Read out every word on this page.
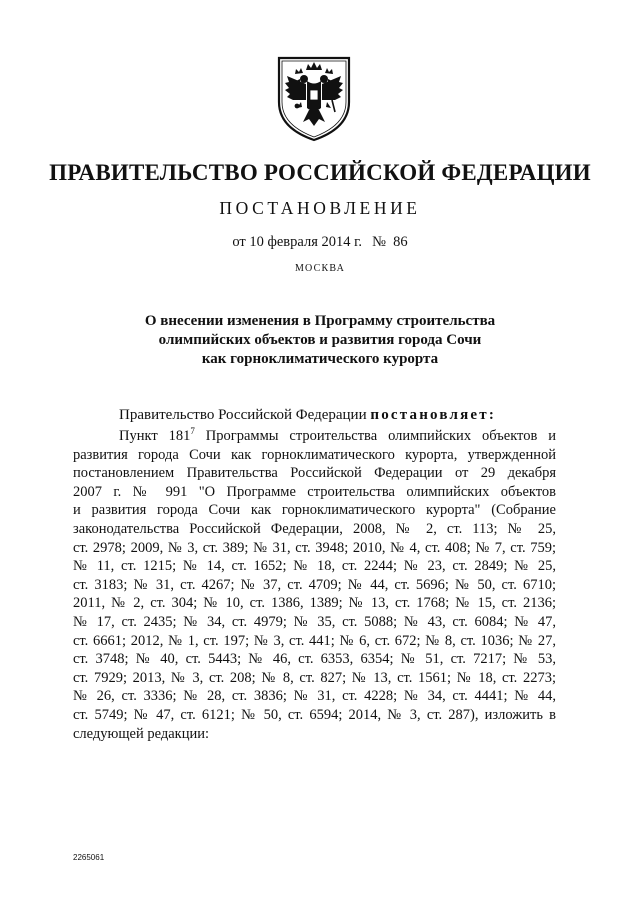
ПРАВИТЕЛЬСТВО РОССИЙСКОЙ ФЕДЕРАЦИИ
ПОСТАНОВЛЕНИЕ
от 10 февраля 2014 г. № 86
МОСКВА
О внесении изменения в Программу строительства
олимпийских объектов и развития города Сочи
как горноклиматического курорта
Правительство Российской Федерации постановляет:
Пункт $181^7$ Программы строительства олимпийских объектов и
развития города Сочи как горноклиматического курорта, утвержденной
постановлением Правительства Российской Федерации от 29 декабря
2007 г. № 991 "О Программе строительства олимпийских объектов
и развития города Сочи как горноклиматического курорта" (Собрание
законодательства Российской Федерации, 2008, № 2, ст. 113; № 25,
ст. 2978; 2009, № 3, ст. 389; № 31, ст. 3948; 2010, № 4, ст. 408; № 7, ст. 759;
№ 11, ст. 1215; № 14, ст. 1652; № 18, ст. 2244; № 23, ст. 2849; № 25,
ст. 3183; № 31, ст. 4267; № 37, ст. 4709; № 44, ст. 5696; № 50, ст. 6710;
2011, № 2, ст. 304; № 10, ст. 1386, 1389; № 13, ст. 1768; № 15, ст. 2136;
№ 17, ст. 2435; № 34, ст. 4979; № 35, ст. 5088; № 43, ст. 6084; № 47,
ст. 6661; 2012, № 1, ст. 197; № 3, ст. 441; № 6, ст. 672; № 8, ст. 1036; № 27,
ст. 3748; № 40, ст. 5443; № 46, ст. 6353, 6354; № 51, ст. 7217; № 53,
ст. 7929; 2013, № 3, ст. 208; № 8, ст. 827; № 13, ст. 1561; № 18, ст. 2273;
№ 26, ст. 3336; № 28, ст. 3836; № 31, ст. 4228; № 34, ст. 4441; № 44,
ст. 5749; № 47, ст. 6121; № 50, ст. 6594; 2014, № 3, ст. 287), изложить в
следующей редакции:
2265061
